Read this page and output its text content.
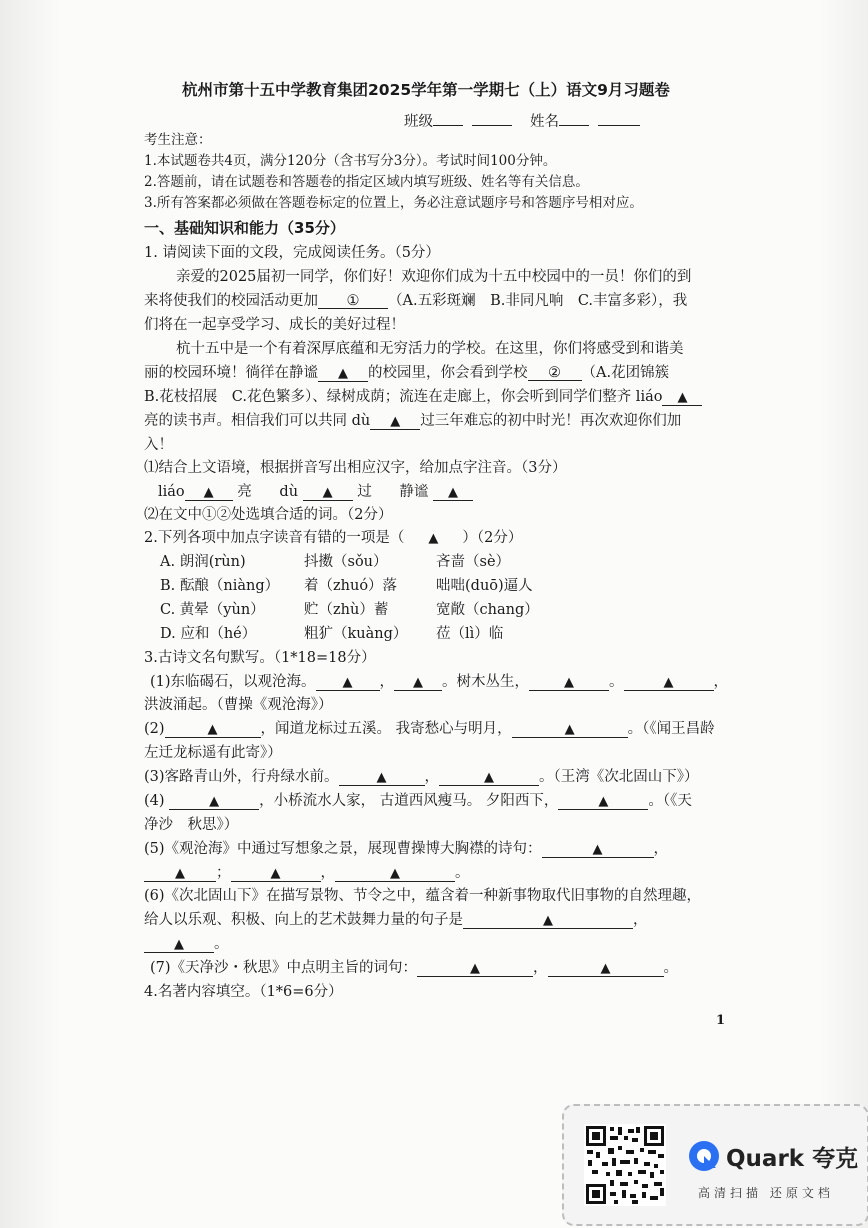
杭州市第十五中学教育集团2025学年第一学期七（上）语文9月习题卷
班级	姓名
考生注意：
1.本试题卷共4页，满分120分（含书写分3分）。考试时间100分钟。
2.答题前，请在试题卷和答题卷的指定区域内填写班级、姓名等有关信息。
3.所有答案都必须做在答题卷标定的位置上，务必注意试题序号和答题序号相对应。
一、基础知识和能力（35分）
1. 请阅读下面的文段，完成阅读任务。（5分）
亲爱的2025届初一同学，你们好！欢迎你们成为十五中校园中的一员！你们的到
来将使我们的校园活动更加 ① （A.五彩斑斓　B.非同凡响　C.丰富多彩），我
们将在一起享受学习、成长的美好过程！
杭十五中是一个有着深厚底蕴和无穷活力的学校。在这里，你们将感受到和谐美
丽的校园环境！徜徉在静谧 ▲ 的校园里，你会看到学校 ② （A.花团锦簇
B.花枝招展　C.花色繁多）、绿树成荫；流连在走廊上，你会听到同学们整齐 liáo ▲
亮的读书声。相信我们可以共同 dù ▲ 过三年难忘的初中时光！再次欢迎你们加
入！
⑴结合上文语境，根据拼音写出相应汉字，给加点字注音。（3分）
liáo ▲ 亮 dù ▲ 过 静谧 ▲
⑵在文中①②处选填合适的词。（2分）
2.下列各项中加点字读音有错的一项是（ ▲ ）（2分）
A. 朗润(rùn)	抖擞（sǒu）	吝啬（sè）
B. 酝酿（niàng） 着（zhuó）落	咄咄(duō)逼人
C. 黄晕（yùn）	贮（zhù）蓄	宽敞（chang）
D. 应和（hé）	粗犷（kuàng） 莅（lì）临
3.古诗文名句默写。（1*18=18分）
(1)东临碣石，以观沧海。 ▲ ， ▲ 。树木丛生，	▲ 。	▲	，
洪波涌起。（曹操《观沧海》）
(2)	▲	，闻道龙标过五溪。 我寄愁心与明月，	▲	。（《闻王昌龄
左迁龙标遥有此寄》）
(3)客路青山外，行舟绿水前。	▲	，	▲	。（王湾《次北固山下》）
(4)	▲	，小桥流水人家， 古道西风瘦马。 夕阳西下，	▲	。（《天
净沙　秋思》）
(5)《观沧海》中通过写想象之景，展现曹操博大胸襟的诗句：	▲	，
▲ ；	▲	，	▲	。
(6)《次北固山下》在描写景物、节令之中，蕴含着一种新事物取代旧事物的自然理趣，
给人以乐观、积极、向上的艺术鼓舞力量的句子是	▲	，
▲ 。
(7)《天净沙・秋思》中点明主旨的词句：	▲	，	▲	。
4.名著内容填空。（1*6=6分）
1
Quark 夸克
高清扫描 还原文档
